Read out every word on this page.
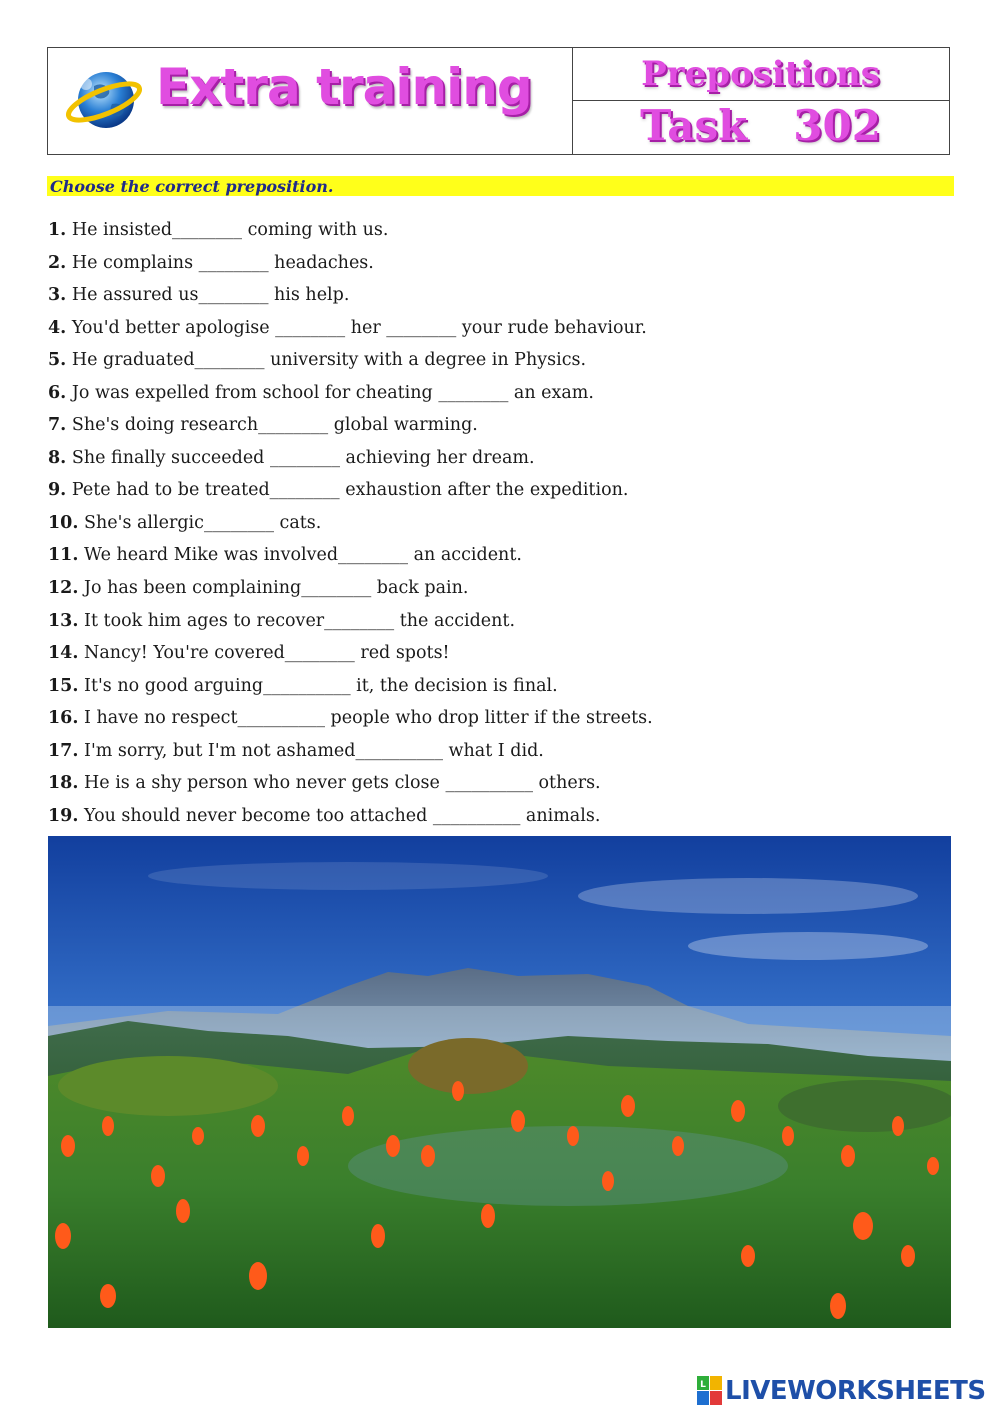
Extra training	Prepositions
Task 302
Choose the correct preposition.
1. He insisted________ coming with us.
2. He complains ________ headaches.
3. He assured us________ his help.
4. You'd better apologise ________ her ________ your rude behaviour.
5. He graduated________ university with a degree in Physics.
6. Jo was expelled from school for cheating ________ an exam.
7. She's doing research________ global warming.
8. She finally succeeded ________ achieving her dream.
9. Pete had to be treated________ exhaustion after the expedition.
10. She's allergic________ cats.
11. We heard Mike was involved________ an accident.
12. Jo has been complaining________ back pain.
13. It took him ages to recover________ the accident.
14. Nancy! You're covered________ red spots!
15. It's no good arguing__________ it, the decision is final.
16. I have no respect__________ people who drop litter if the streets.
17. I'm sorry, but I'm not ashamed__________ what I did.
18. He is a shy person who never gets close __________ others.
19. You should never become too attached __________ animals.
L LIVEWORKSHEETS
